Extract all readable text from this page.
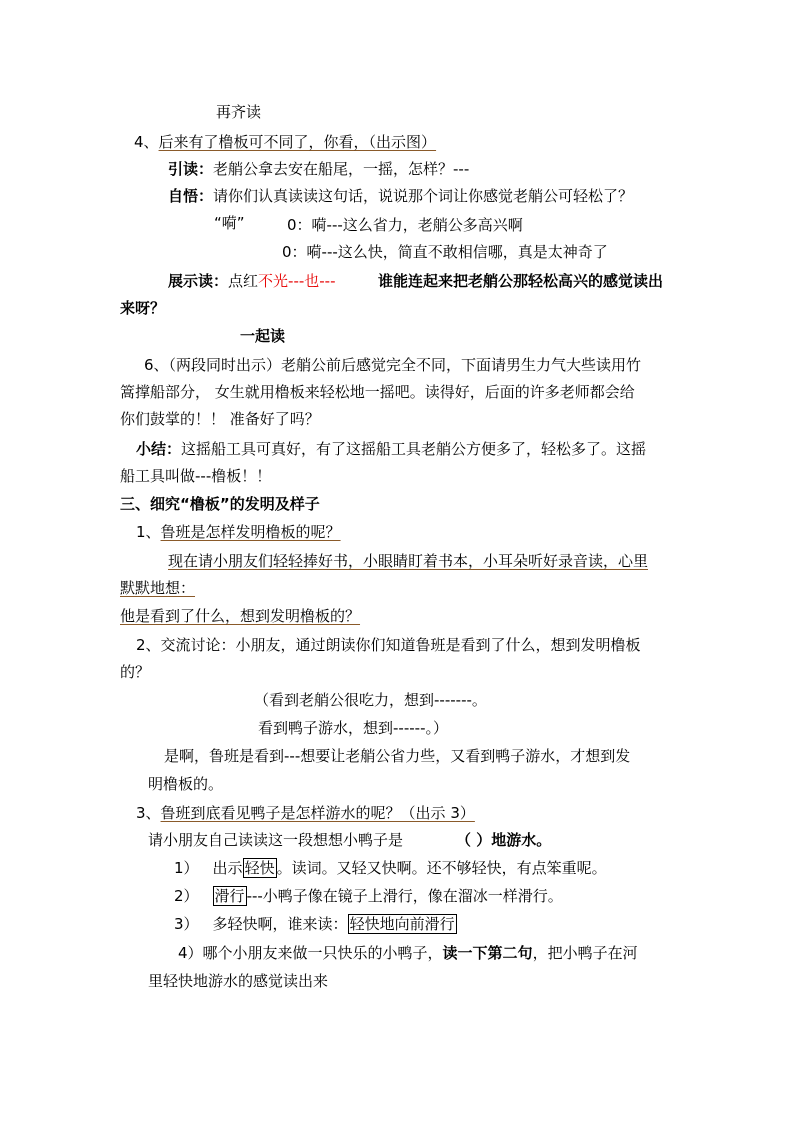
再齐读
4、后来有了橹板可不同了，你看，（出示图）
引读：老艄公拿去安在船尾，一摇，怎样？---
自悟：请你们认真读读这句话，说说那个词让你感觉老艄公可轻松了？
“嗬”	0：嗬---这么省力，老艄公多高兴啊
0：嗬---这么快，简直不敢相信哪，真是太神奇了
展示读：点红不光---也---	谁能连起来把老艄公那轻松高兴的感觉读出
来呀？
一起读
6、（两段同时出示）老艄公前后感觉完全不同，下面请男生力气大些读用竹
篙撑船部分， 女生就用橹板来轻松地一摇吧。读得好，后面的许多老师都会给
你们鼓掌的！！ 准备好了吗？
小结：这摇船工具可真好，有了这摇船工具老艄公方便多了，轻松多了。这摇
船工具叫做---橹板！！
三、细究“橹板”的发明及样子
1、鲁班是怎样发明橹板的呢？
现在请小朋友们轻轻捧好书，小眼睛盯着书本，小耳朵听好录音读，心里
默默地想：
他是看到了什么，想到发明橹板的？
2、交流讨论：小朋友，通过朗读你们知道鲁班是看到了什么，想到发明橹板
的？
（看到老艄公很吃力，想到-------。
看到鸭子游水，想到------。）
是啊，鲁班是看到---想要让老艄公省力些，又看到鸭子游水，才想到发
明橹板的。
3、鲁班到底看见鸭子是怎样游水的呢？（出示 3）
请小朋友自己读读这一段想想小鸭子是	（ ）地游水。
1） 出示 轻快 。读词。又轻又快啊。还不够轻快，有点笨重呢。
2） 滑行 ---小鸭子像在镜子上滑行，像在溜冰一样滑行。
3） 多轻快啊，谁来读： 轻快地向前滑行
4）哪个小朋友来做一只快乐的小鸭子，读一下第二句，把小鸭子在河
里轻快地游水的感觉读出来
